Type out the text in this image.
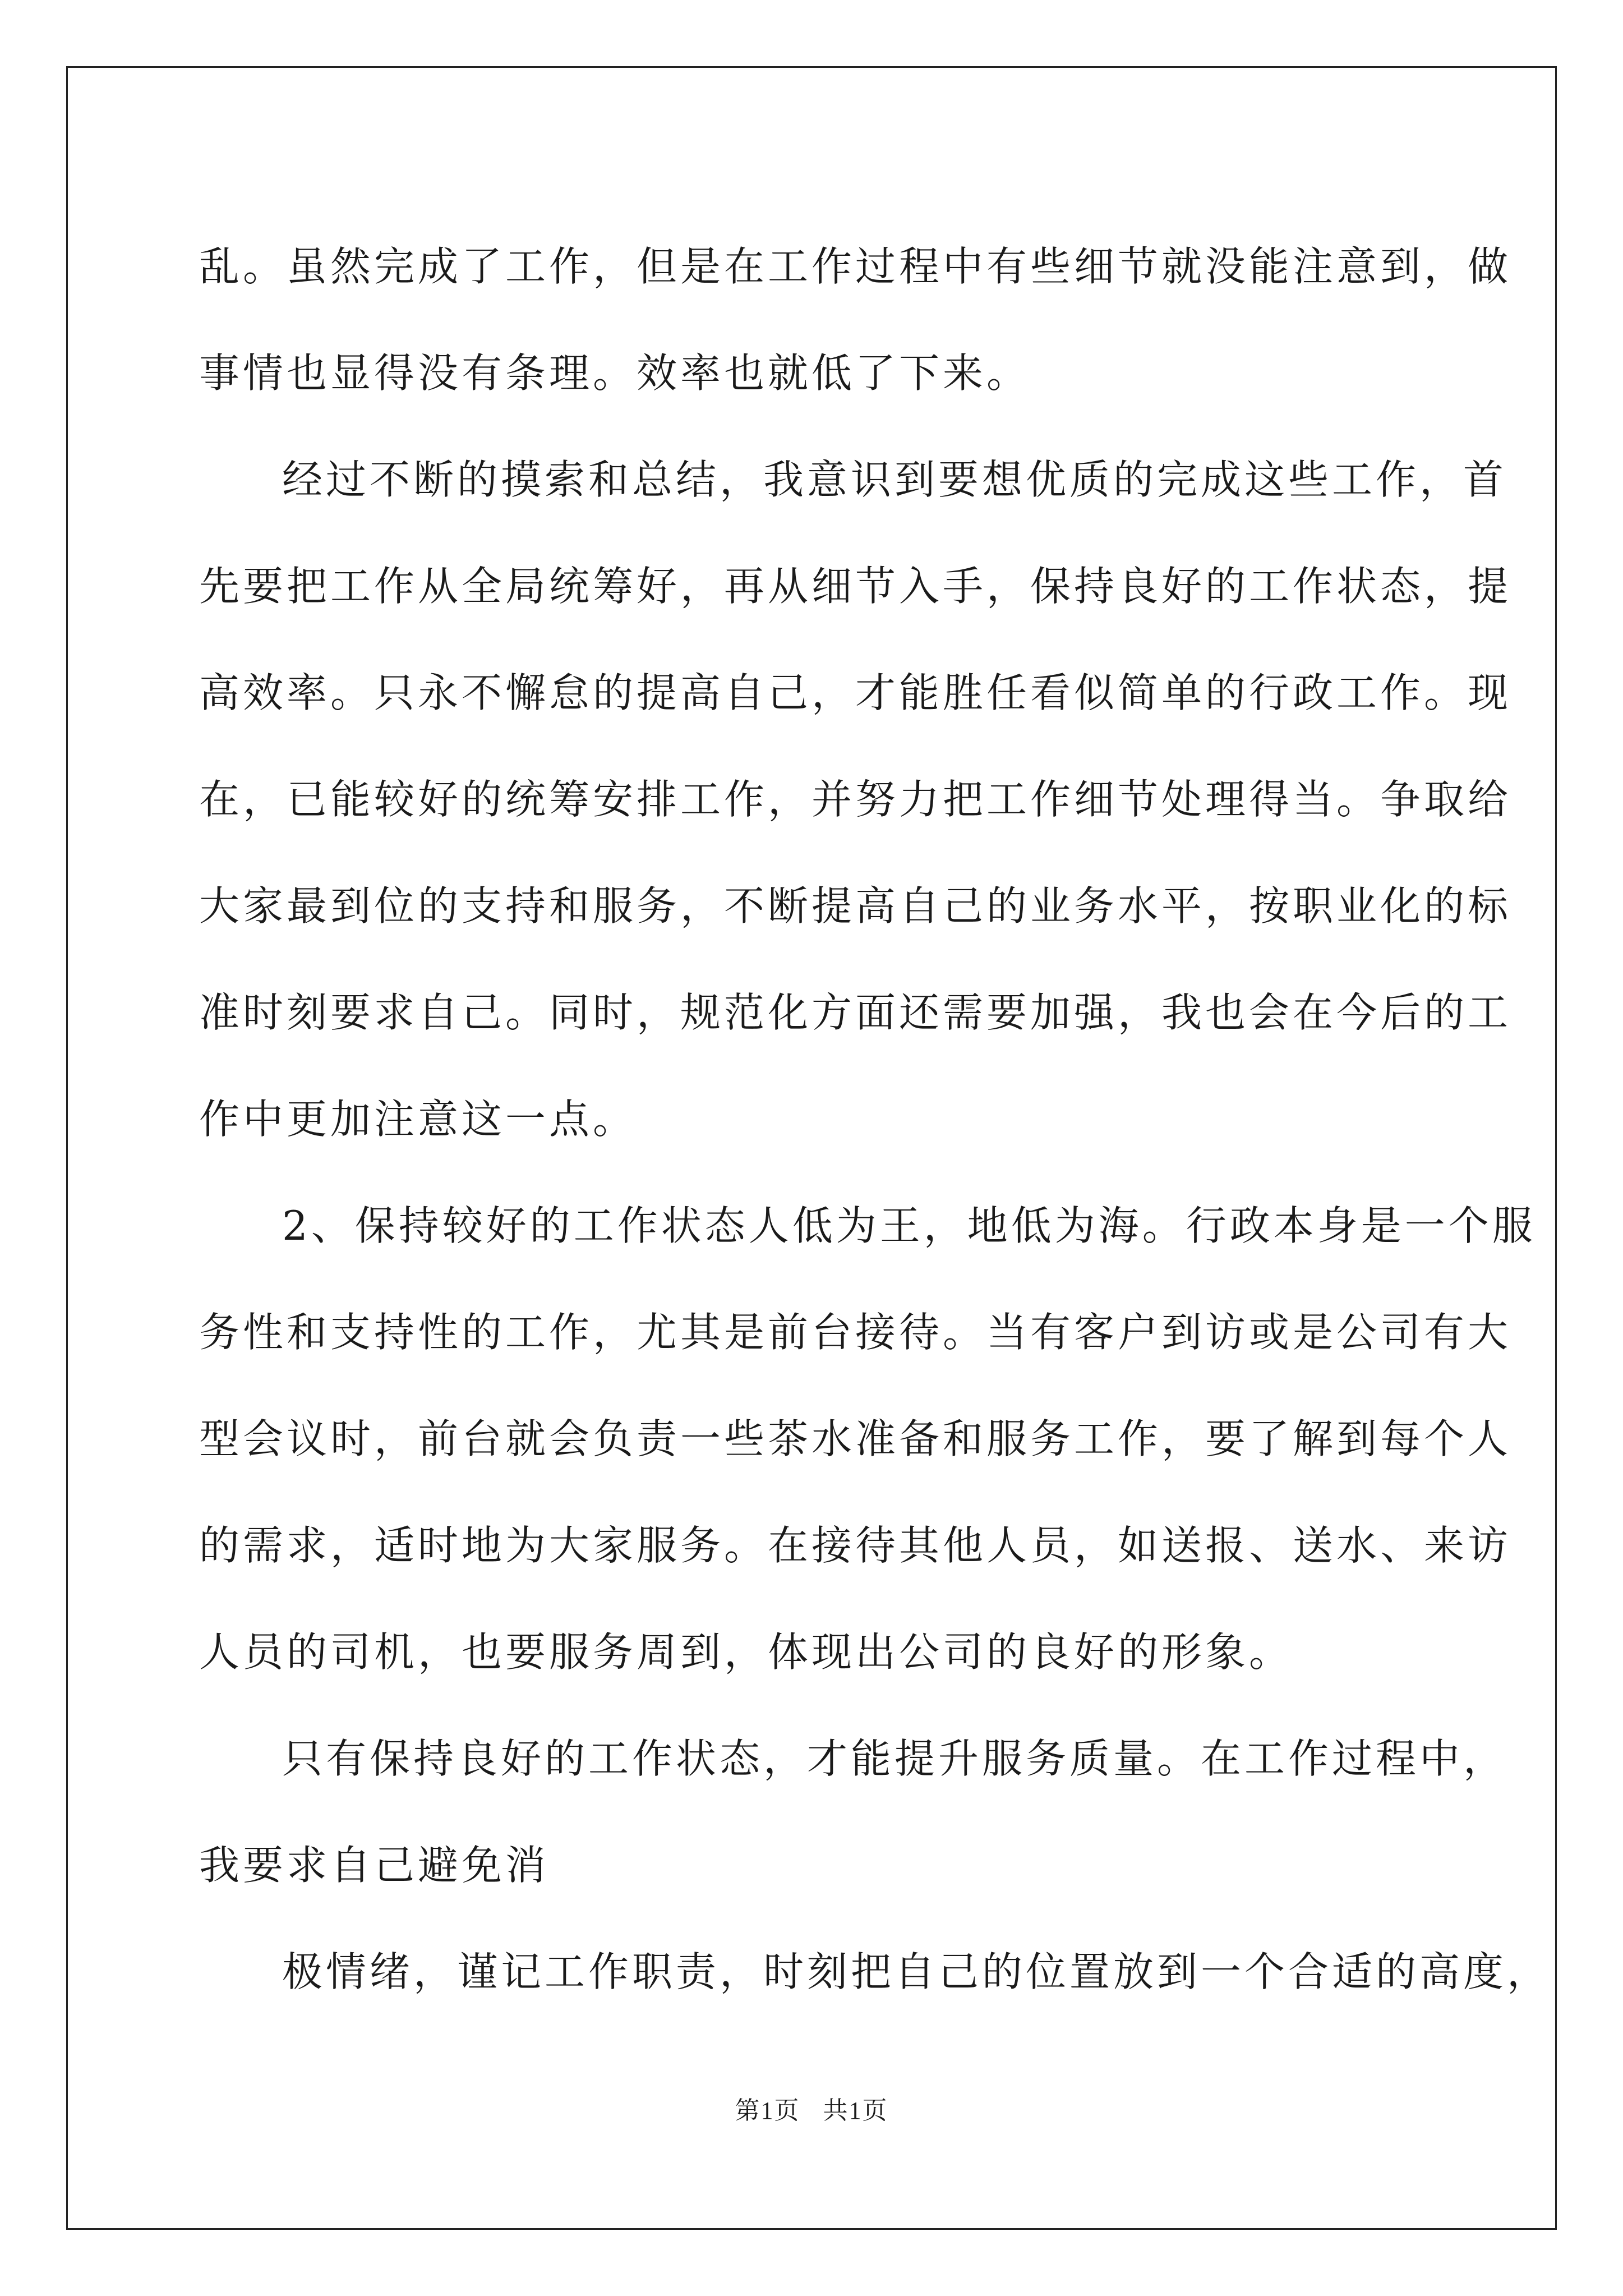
乱。虽然完成了工作，但是在工作过程中有些细节就没能注意到，做

事情也显得没有条理。效率也就低了下来。

经过不断的摸索和总结，我意识到要想优质的完成这些工作，首

先要把工作从全局统筹好，再从细节入手，保持良好的工作状态，提

高效率。只永不懈怠的提高自己，才能胜任看似简单的行政工作。现

在，已能较好的统筹安排工作，并努力把工作细节处理得当。争取给

大家最到位的支持和服务，不断提高自己的业务水平，按职业化的标

准时刻要求自己。同时，规范化方面还需要加强，我也会在今后的工

作中更加注意这一点。

2、保持较好的工作状态人低为王，地低为海。行政本身是一个服

务性和支持性的工作，尤其是前台接待。当有客户到访或是公司有大

型会议时，前台就会负责一些茶水准备和服务工作，要了解到每个人

的需求，适时地为大家服务。在接待其他人员，如送报、送水、来访

人员的司机，也要服务周到，体现出公司的良好的形象。

只有保持良好的工作状态，才能提升服务质量。在工作过程中，

我要求自己避免消

极情绪，谨记工作职责，时刻把自己的位置放到一个合适的高度，

第1页 共1页
